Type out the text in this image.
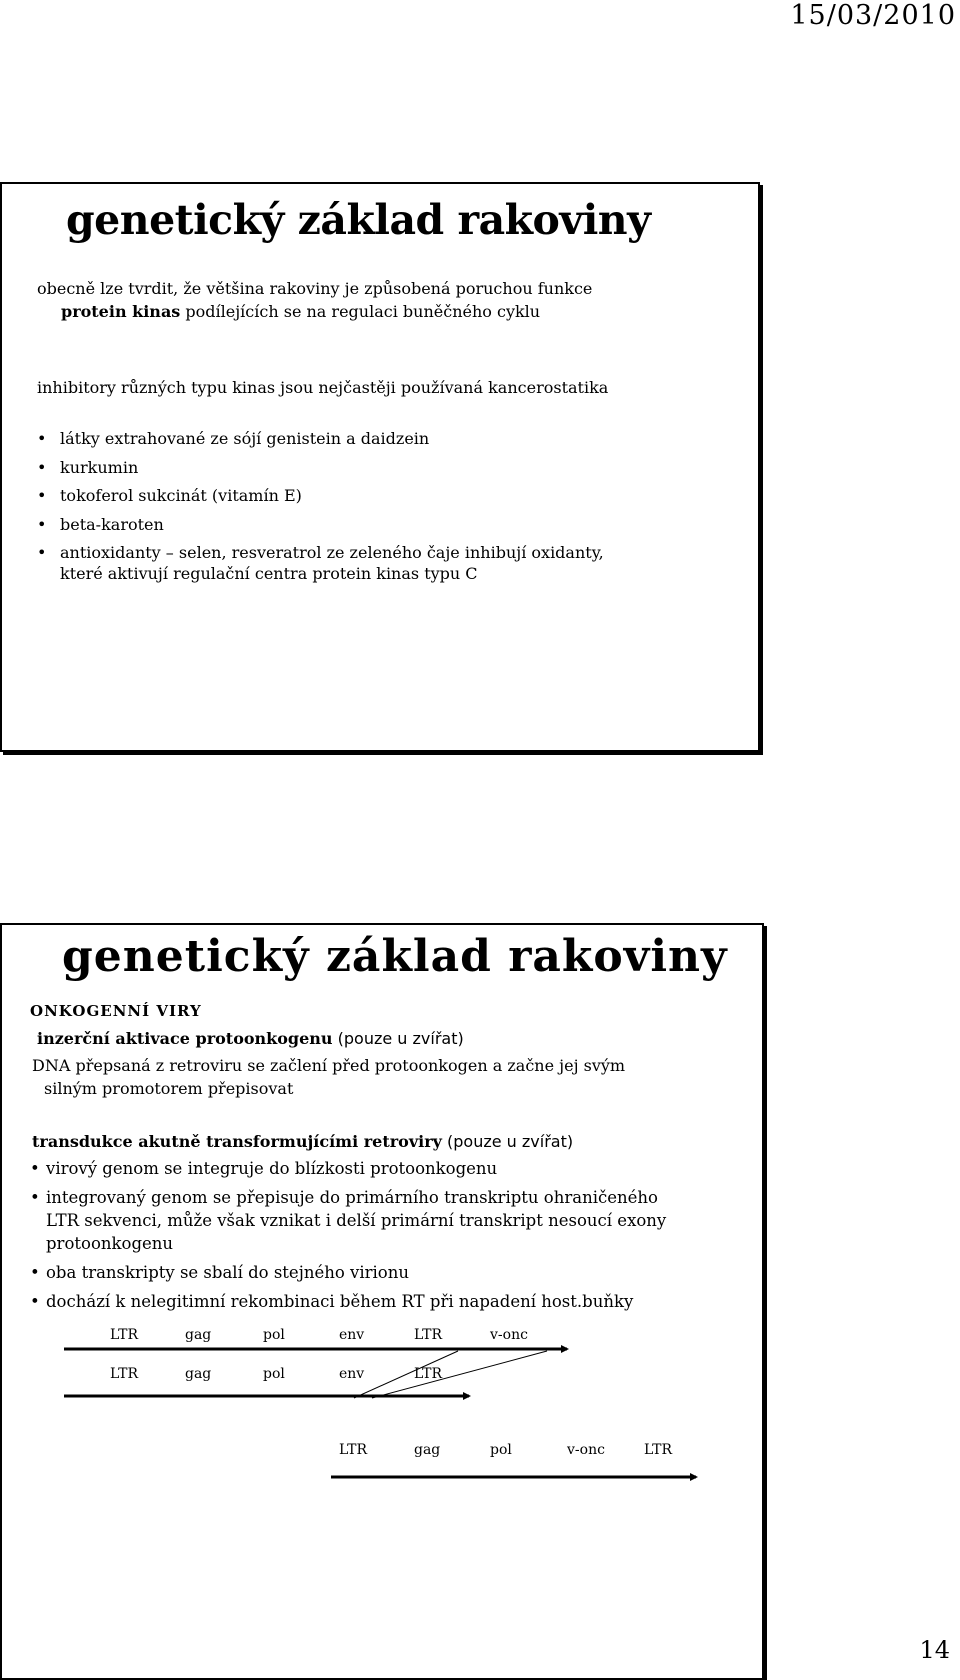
15/03/2010
genetický základ rakoviny
obecně lze tvrdit, že většina rakoviny je způsobená poruchou funkce
protein kinas podílejících se na regulaci buněčného cyklu
inhibitory různých typu kinas jsou nejčastěji používaná kancerostatika
• látky extrahované ze sójí genistein a daidzein
• kurkumin
• tokoferol sukcinát (vitamín E)
• beta-karoten
• antioxidanty – selen, resveratrol ze zeleného čaje inhibují oxidanty,
které aktivují regulační centra protein kinas typu C
genetický základ rakoviny
ONKOGENNÍ VIRY
inzerční aktivace protoonkogenu (pouze u zvířat)
DNA přepsaná z retroviru se začlení před protoonkogen a začne jej svým
silným promotorem přepisovat
transdukce akutně transformujícími retroviry (pouze u zvířat)
• virový genom se integruje do blízkosti protoonkogenu
• integrovaný genom se přepisuje do primárního transkriptu ohraničeného
LTR sekvenci, může však vznikat i delší primární transkript nesoucí exony
protoonkogenu
• oba transkripty se sbalí do stejného virionu
• dochází k nelegitimní rekombinaci během RT při napadení host.buňky
LTR	gag	pol	env	LTR	v-onc
LTR	gag	pol	env	LTR
LTR	gag	pol	v-onc	LTR
14
